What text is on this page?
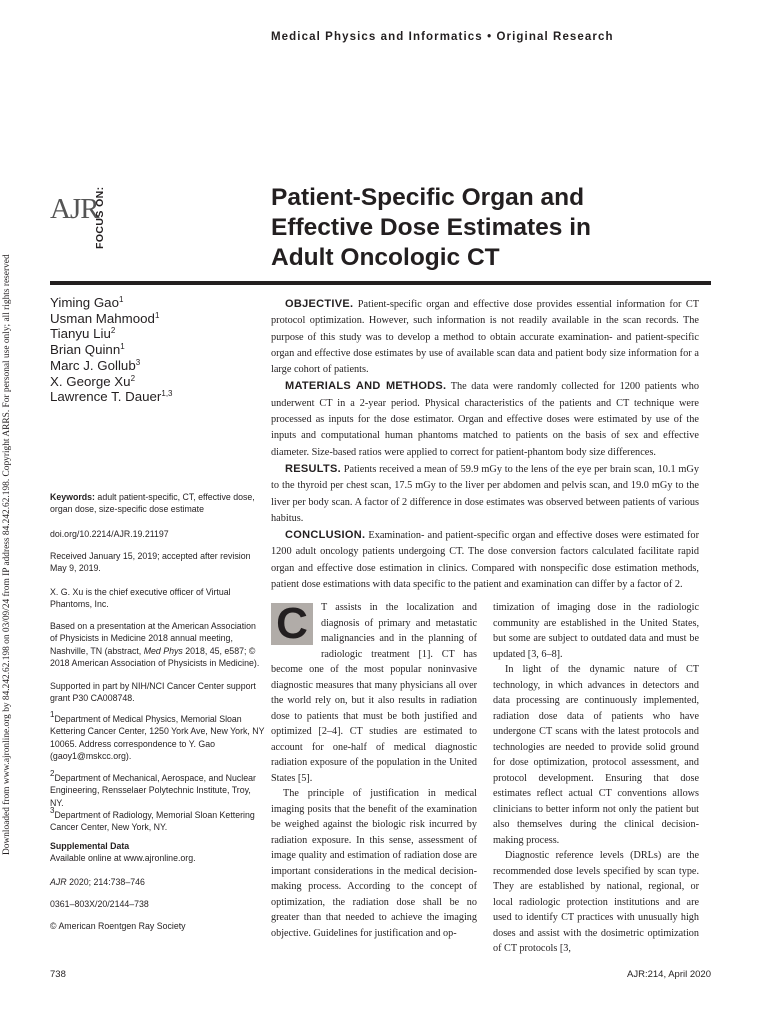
Downloaded from www.ajronline.org by 84.242.62.198 on 03/09/24 from IP address 84.242.62.198. Copyright ARRS. For personal use only; all rights reserved
Medical Physics and Informatics • Original Research
AJR
FOCUS ON:	Patient-Specific Organ and
Effective Dose Estimates in
Adult Oncologic CT
Yiming Gao$^1$
Usman Mahmood$^1$
Tianyu Liu$^2$
Brian Quinn$^1$
Marc J. Gollub$^3$
X. George Xu$^2$
Lawrence T. Dauer$^{1,3}$

Keywords: adult patient-specific, CT, effective dose, organ dose, size-specific dose estimate

doi.org/10.2214/AJR.19.21197
Received January 15, 2019; accepted after revision May 9, 2019.
X. G. Xu is the chief executive officer of Virtual Phantoms, Inc.

Based on a presentation at the American Association of Physicists in Medicine 2018 annual meeting, Nashville, TN (abstract, Med Phys 2018, 45, e587; © 2018 American Association of Physicists in Medicine).

Supported in part by NIH/NCI Cancer Center support grant P30 CA008748.

$^1$Department of Medical Physics, Memorial Sloan Kettering Cancer Center, 1250 York Ave, New York, NY 10065. Address correspondence to Y. Gao (gaoy1@mskcc.org).

$^2$Department of Mechanical, Aerospace, and Nuclear Engineering, Rensselaer Polytechnic Institute, Troy, NY.

$^3$Department of Radiology, Memorial Sloan Kettering Cancer Center, New York, NY.

Supplemental Data

Available online at www.ajronline.org.

AJR 2020; 214:738–746

0361–803X/20/2144–738
© American Roentgen Ray Society

OBJECTIVE. Patient-specific organ and effective dose provides essential information for CT protocol optimization. However, such information is not readily available in the scan records. The purpose of this study was to develop a method to obtain accurate examination- and patient-specific organ and effective dose estimates by use of available scan data and patient body size information for a large cohort of patients.

MATERIALS AND METHODS. The data were randomly collected for 1200 patients who underwent CT in a 2-year period. Physical characteristics of the patients and CT technique were processed as inputs for the dose estimator. Organ and effective doses were estimated by use of the inputs and computational human phantoms matched to patients on the basis of sex and effective diameter. Size-based ratios were applied to correct for patient-phantom body size differences.

RESULTS. Patients received a mean of 59.9 mGy to the lens of the eye per brain scan, 10.1 mGy to the thyroid per chest scan, 17.5 mGy to the liver per abdomen and pelvis scan, and 19.0 mGy to the liver per body scan. A factor of 2 difference in dose estimates was observed between patients of various habitus.

CONCLUSION. Examination- and patient-specific organ and effective doses were estimated for 1200 adult oncology patients undergoing CT. The dose conversion factors calculated facilitate rapid organ and effective dose estimation in clinics. Compared with nonspecific dose estimation methods, patient dose estimations with data specific to the patient and examination can differ by a factor of 2.

C	T assists in the localization and diagnosis of primary and metastatic malignancies and in the planning of radiologic treatment [1]. CT has become one of the most popular noninvasive diagnostic measures that many physicians all over the world rely on, but it also results in radiation dose to patients that must be both justified and optimized [2–4]. CT studies are estimated to account for one-half of medical diagnostic radiation exposure of the population in the United States [5].

The principle of justification in medical imaging posits that the benefit of the examination be weighed against the biologic risk incurred by radiation exposure. In this sense, assessment of image quality and estimation of radiation dose are important considerations in the medical decision-making process. According to the concept of optimization, the radiation dose shall be no greater than that needed to achieve the imaging objective. Guidelines for justification and op-

timization of imaging dose in the radiologic community are established in the United States, but some are subject to outdated data and must be updated [3, 6–8].

In light of the dynamic nature of CT technology, in which advances in detectors and data processing are continuously implemented, radiation dose data of patients who have undergone CT scans with the latest protocols and technologies are needed to provide solid ground for dose optimization, protocol assessment, and protocol development. Ensuring that dose estimates reflect actual CT conventions allows clinicians to better inform not only the patient but also themselves during the clinical decision-making process.

Diagnostic reference levels (DRLs) are the recommended dose levels specified by scan type. They are established by national, regional, or local radiologic protection institutions and are used to identify CT practices with unusually high doses and assist with the dosimetric optimization of CT protocols [3,

738	AJR:214, April 2020
